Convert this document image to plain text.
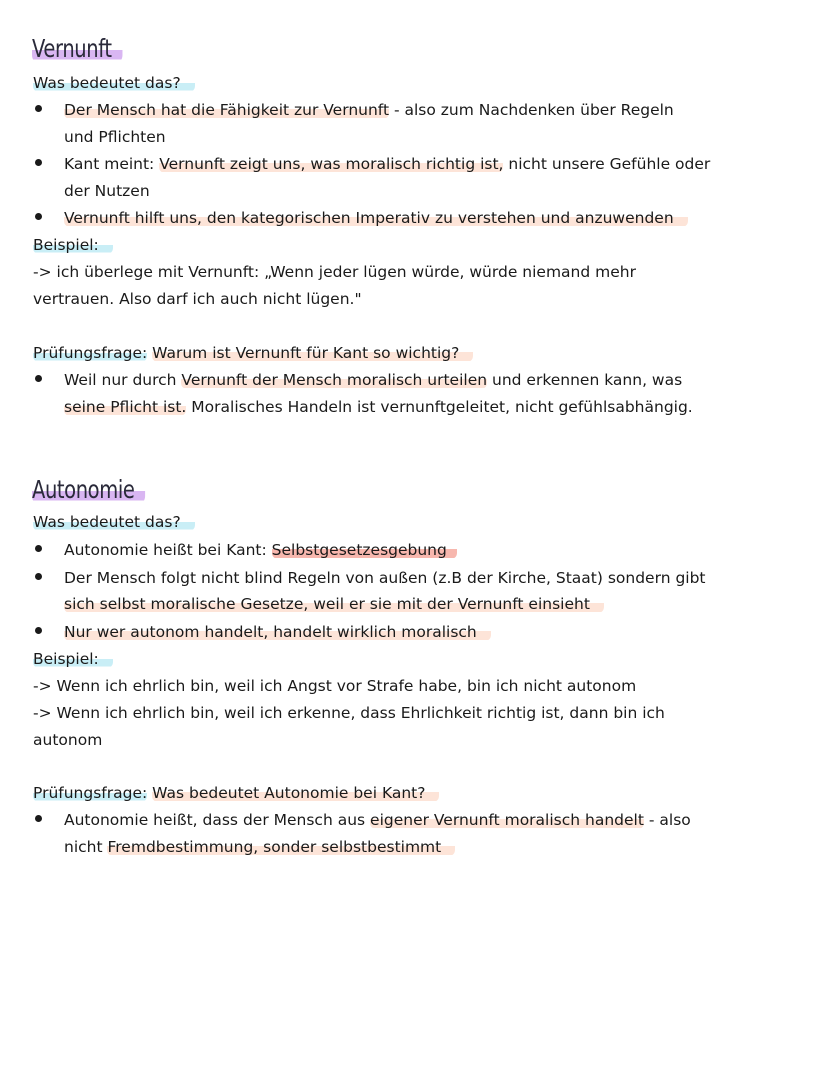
Vernunft
Was bedeutet das?
Der Mensch hat die Fähigkeit zur Vernunft - also zum Nachdenken über Regeln
und Pflichten
Kant meint: Vernunft zeigt uns, was moralisch richtig ist, nicht unsere Gefühle oder
der Nutzen
Vernunft hilft uns, den kategorischen Imperativ zu verstehen und anzuwenden
Beispiel:
-> ich überlege mit Vernunft: „Wenn jeder lügen würde, würde niemand mehr
vertrauen. Also darf ich auch nicht lügen."
Prüfungsfrage: Warum ist Vernunft für Kant so wichtig?
Weil nur durch Vernunft der Mensch moralisch urteilen und erkennen kann, was
seine Pflicht ist. Moralisches Handeln ist vernunftgeleitet, nicht gefühlsabhängig.
Autonomie
Was bedeutet das?
Autonomie heißt bei Kant: Selbstgesetzesgebung
Der Mensch folgt nicht blind Regeln von außen (z.B der Kirche, Staat) sondern gibt
sich selbst moralische Gesetze, weil er sie mit der Vernunft einsieht
Nur wer autonom handelt, handelt wirklich moralisch
Beispiel:
-> Wenn ich ehrlich bin, weil ich Angst vor Strafe habe, bin ich nicht autonom
-> Wenn ich ehrlich bin, weil ich erkenne, dass Ehrlichkeit richtig ist, dann bin ich
autonom
Prüfungsfrage: Was bedeutet Autonomie bei Kant?
Autonomie heißt, dass der Mensch aus eigener Vernunft moralisch handelt - also
nicht Fremdbestimmung, sonder selbstbestimmt
